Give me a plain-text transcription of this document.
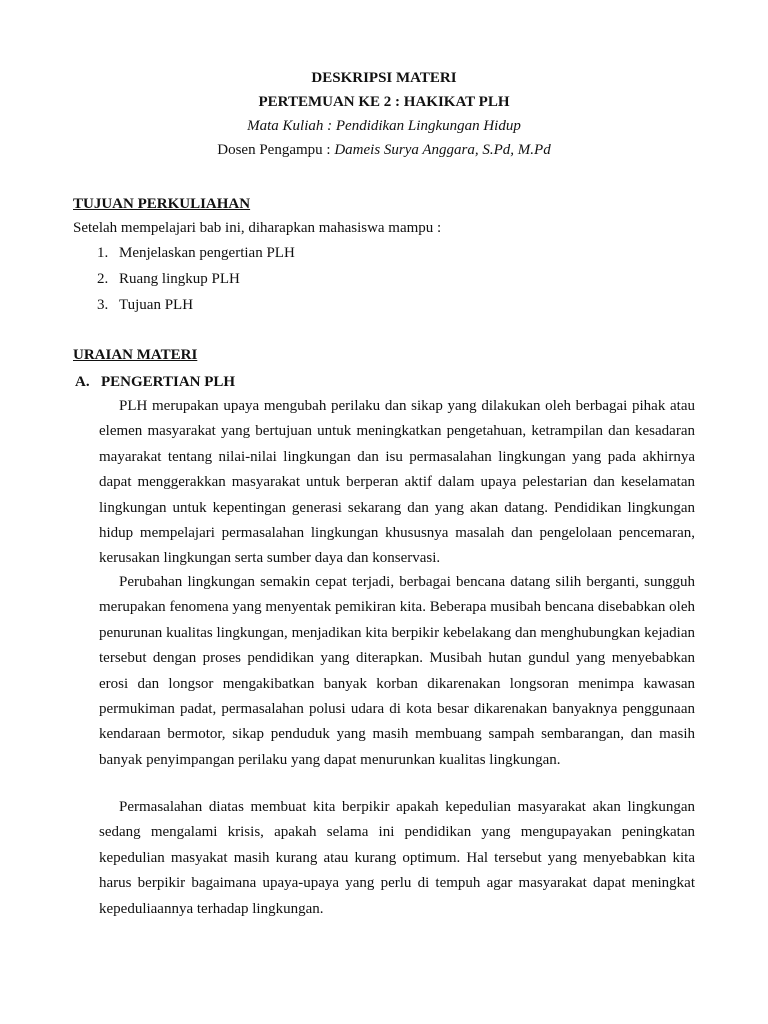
DESKRIPSI MATERI
PERTEMUAN KE 2 : HAKIKAT PLH
Mata Kuliah : Pendidikan Lingkungan Hidup
Dosen Pengampu : Dameis Surya Anggara, S.Pd, M.Pd
TUJUAN PERKULIAHAN
Setelah mempelajari bab ini, diharapkan mahasiswa mampu :
1. Menjelaskan pengertian PLH
2. Ruang lingkup PLH
3. Tujuan PLH
URAIAN MATERI
A. PENGERTIAN PLH

PLH merupakan upaya mengubah perilaku dan sikap yang dilakukan oleh berbagai pihak atau elemen masyarakat yang bertujuan untuk meningkatkan pengetahuan, ketrampilan dan kesadaran mayarakat tentang nilai-nilai lingkungan dan isu permasalahan lingkungan yang pada akhirnya dapat menggerakkan masyarakat untuk berperan aktif dalam upaya pelestarian dan keselamatan lingkungan untuk kepentingan generasi sekarang dan yang akan datang. Pendidikan lingkungan hidup mempelajari permasalahan lingkungan khususnya masalah dan pengelolaan pencemaran, kerusakan lingkungan serta sumber daya dan konservasi.

Perubahan lingkungan semakin cepat terjadi, berbagai bencana datang silih berganti, sungguh merupakan fenomena yang menyentak pemikiran kita. Beberapa musibah bencana disebabkan oleh penurunan kualitas lingkungan, menjadikan kita berpikir kebelakang dan menghubungkan kejadian tersebut dengan proses pendidikan yang diterapkan. Musibah hutan gundul yang menyebabkan erosi dan longsor mengakibatkan banyak korban dikarenakan longsoran menimpa kawasan permukiman padat, permasalahan polusi udara di kota besar dikarenakan banyaknya penggunaan kendaraan bermotor, sikap penduduk yang masih membuang sampah sembarangan, dan masih banyak penyimpangan perilaku yang dapat menurunkan kualitas lingkungan.

Permasalahan diatas membuat kita berpikir apakah kepedulian masyarakat akan lingkungan sedang mengalami krisis, apakah selama ini pendidikan yang mengupayakan peningkatan kepedulian masyakat masih kurang atau kurang optimum. Hal tersebut yang menyebabkan kita harus berpikir bagaimana upaya-upaya yang perlu di tempuh agar masyarakat dapat meningkat kepeduliaannya terhadap lingkungan.
